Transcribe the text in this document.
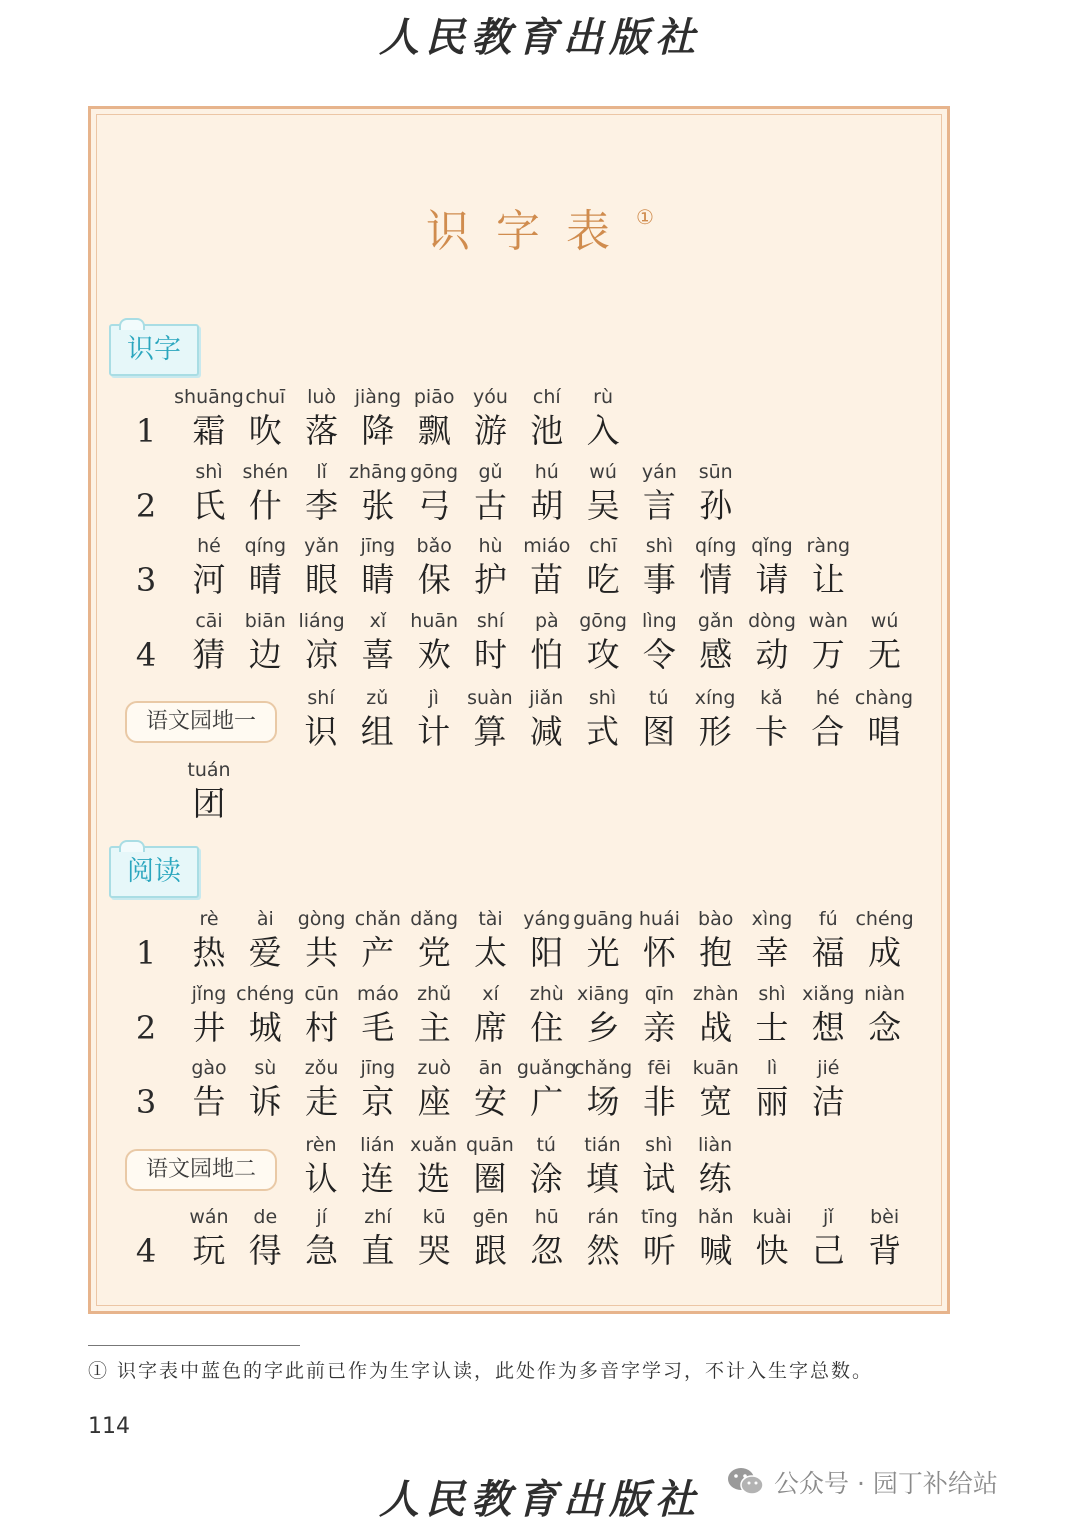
人民教育出版社
识字表①
识字
阅读
语文园地一
语文园地二
1
shuāng
霜
chuī
吹
luò
落
jiàng
降
piāo
飘
yóu
游
chí
池
rù
入
2
shì
氏
shén
什
lǐ
李
zhāng
张
gōng
弓
gǔ
古
hú
胡
wú
吴
yán
言
sūn
孙
3
hé
河
qíng
晴
yǎn
眼
jīng
睛
bǎo
保
hù
护
miáo
苗
chī
吃
shì
事
qíng
情
qǐng
请
ràng
让
4
cāi
猜
biān
边
liáng
凉
xǐ
喜
huān
欢
shí
时
pà
怕
gōng
攻
lìng
令
gǎn
感
dòng
动
wàn
万
wú
无
shí
识
zǔ
组
jì
计
suàn
算
jiǎn
减
shì
式
tú
图
xíng
形
kǎ
卡
hé
合
chàng
唱
tuán
团
1
rè
热
ài
爱
gòng
共
chǎn
产
dǎng
党
tài
太
yáng
阳
guāng
光
huái
怀
bào
抱
xìng
幸
fú
福
chéng
成
2
jǐng
井
chéng
城
cūn
村
máo
毛
zhǔ
主
xí
席
zhù
住
xiāng
乡
qīn
亲
zhàn
战
shì
士
xiǎng
想
niàn
念
3
gào
告
sù
诉
zǒu
走
jīng
京
zuò
座
ān
安
guǎng
广
chǎng
场
fēi
非
kuān
宽
lì
丽
jié
洁
rèn
认
lián
连
xuǎn
选
quān
圈
tú
涂
tián
填
shì
试
liàn
练
4
wán
玩
de
得
jí
急
zhí
直
kū
哭
gēn
跟
hū
忽
rán
然
tīng
听
hǎn
喊
kuài
快
jǐ
己
bèi
背
① 识字表中蓝色的字此前已作为生字认读，此处作为多音字学习，不计入生字总数。
114
人民教育出版社	公众号 · 园丁补给站
